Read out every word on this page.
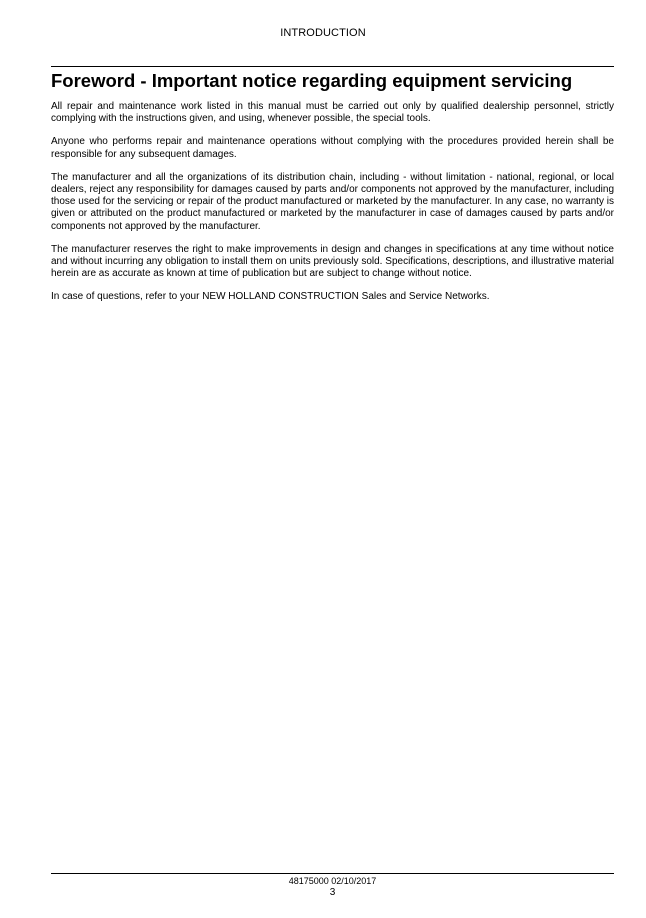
INTRODUCTION
Foreword - Important notice regarding equipment servicing

All repair and maintenance work listed in this manual must be carried out only by qualified dealership personnel, strictly complying with the instructions given, and using, whenever possible, the special tools.

Anyone who performs repair and maintenance operations without complying with the procedures provided herein shall be responsible for any subsequent damages.

The manufacturer and all the organizations of its distribution chain, including - without limitation - national, regional, or local dealers, reject any responsibility for damages caused by parts and/or components not approved by the manufacturer, including those used for the servicing or repair of the product manufactured or marketed by the manufacturer. In any case, no warranty is given or attributed on the product manufactured or marketed by the manufacturer in case of damages caused by parts and/or components not approved by the manufacturer.

The manufacturer reserves the right to make improvements in design and changes in specifications at any time without notice and without incurring any obligation to install them on units previously sold. Specifications, descriptions, and illustrative material herein are as accurate as known at time of publication but are subject to change without notice.

In case of questions, refer to your NEW HOLLAND CONSTRUCTION Sales and Service Networks.

48175000 02/10/2017
3
